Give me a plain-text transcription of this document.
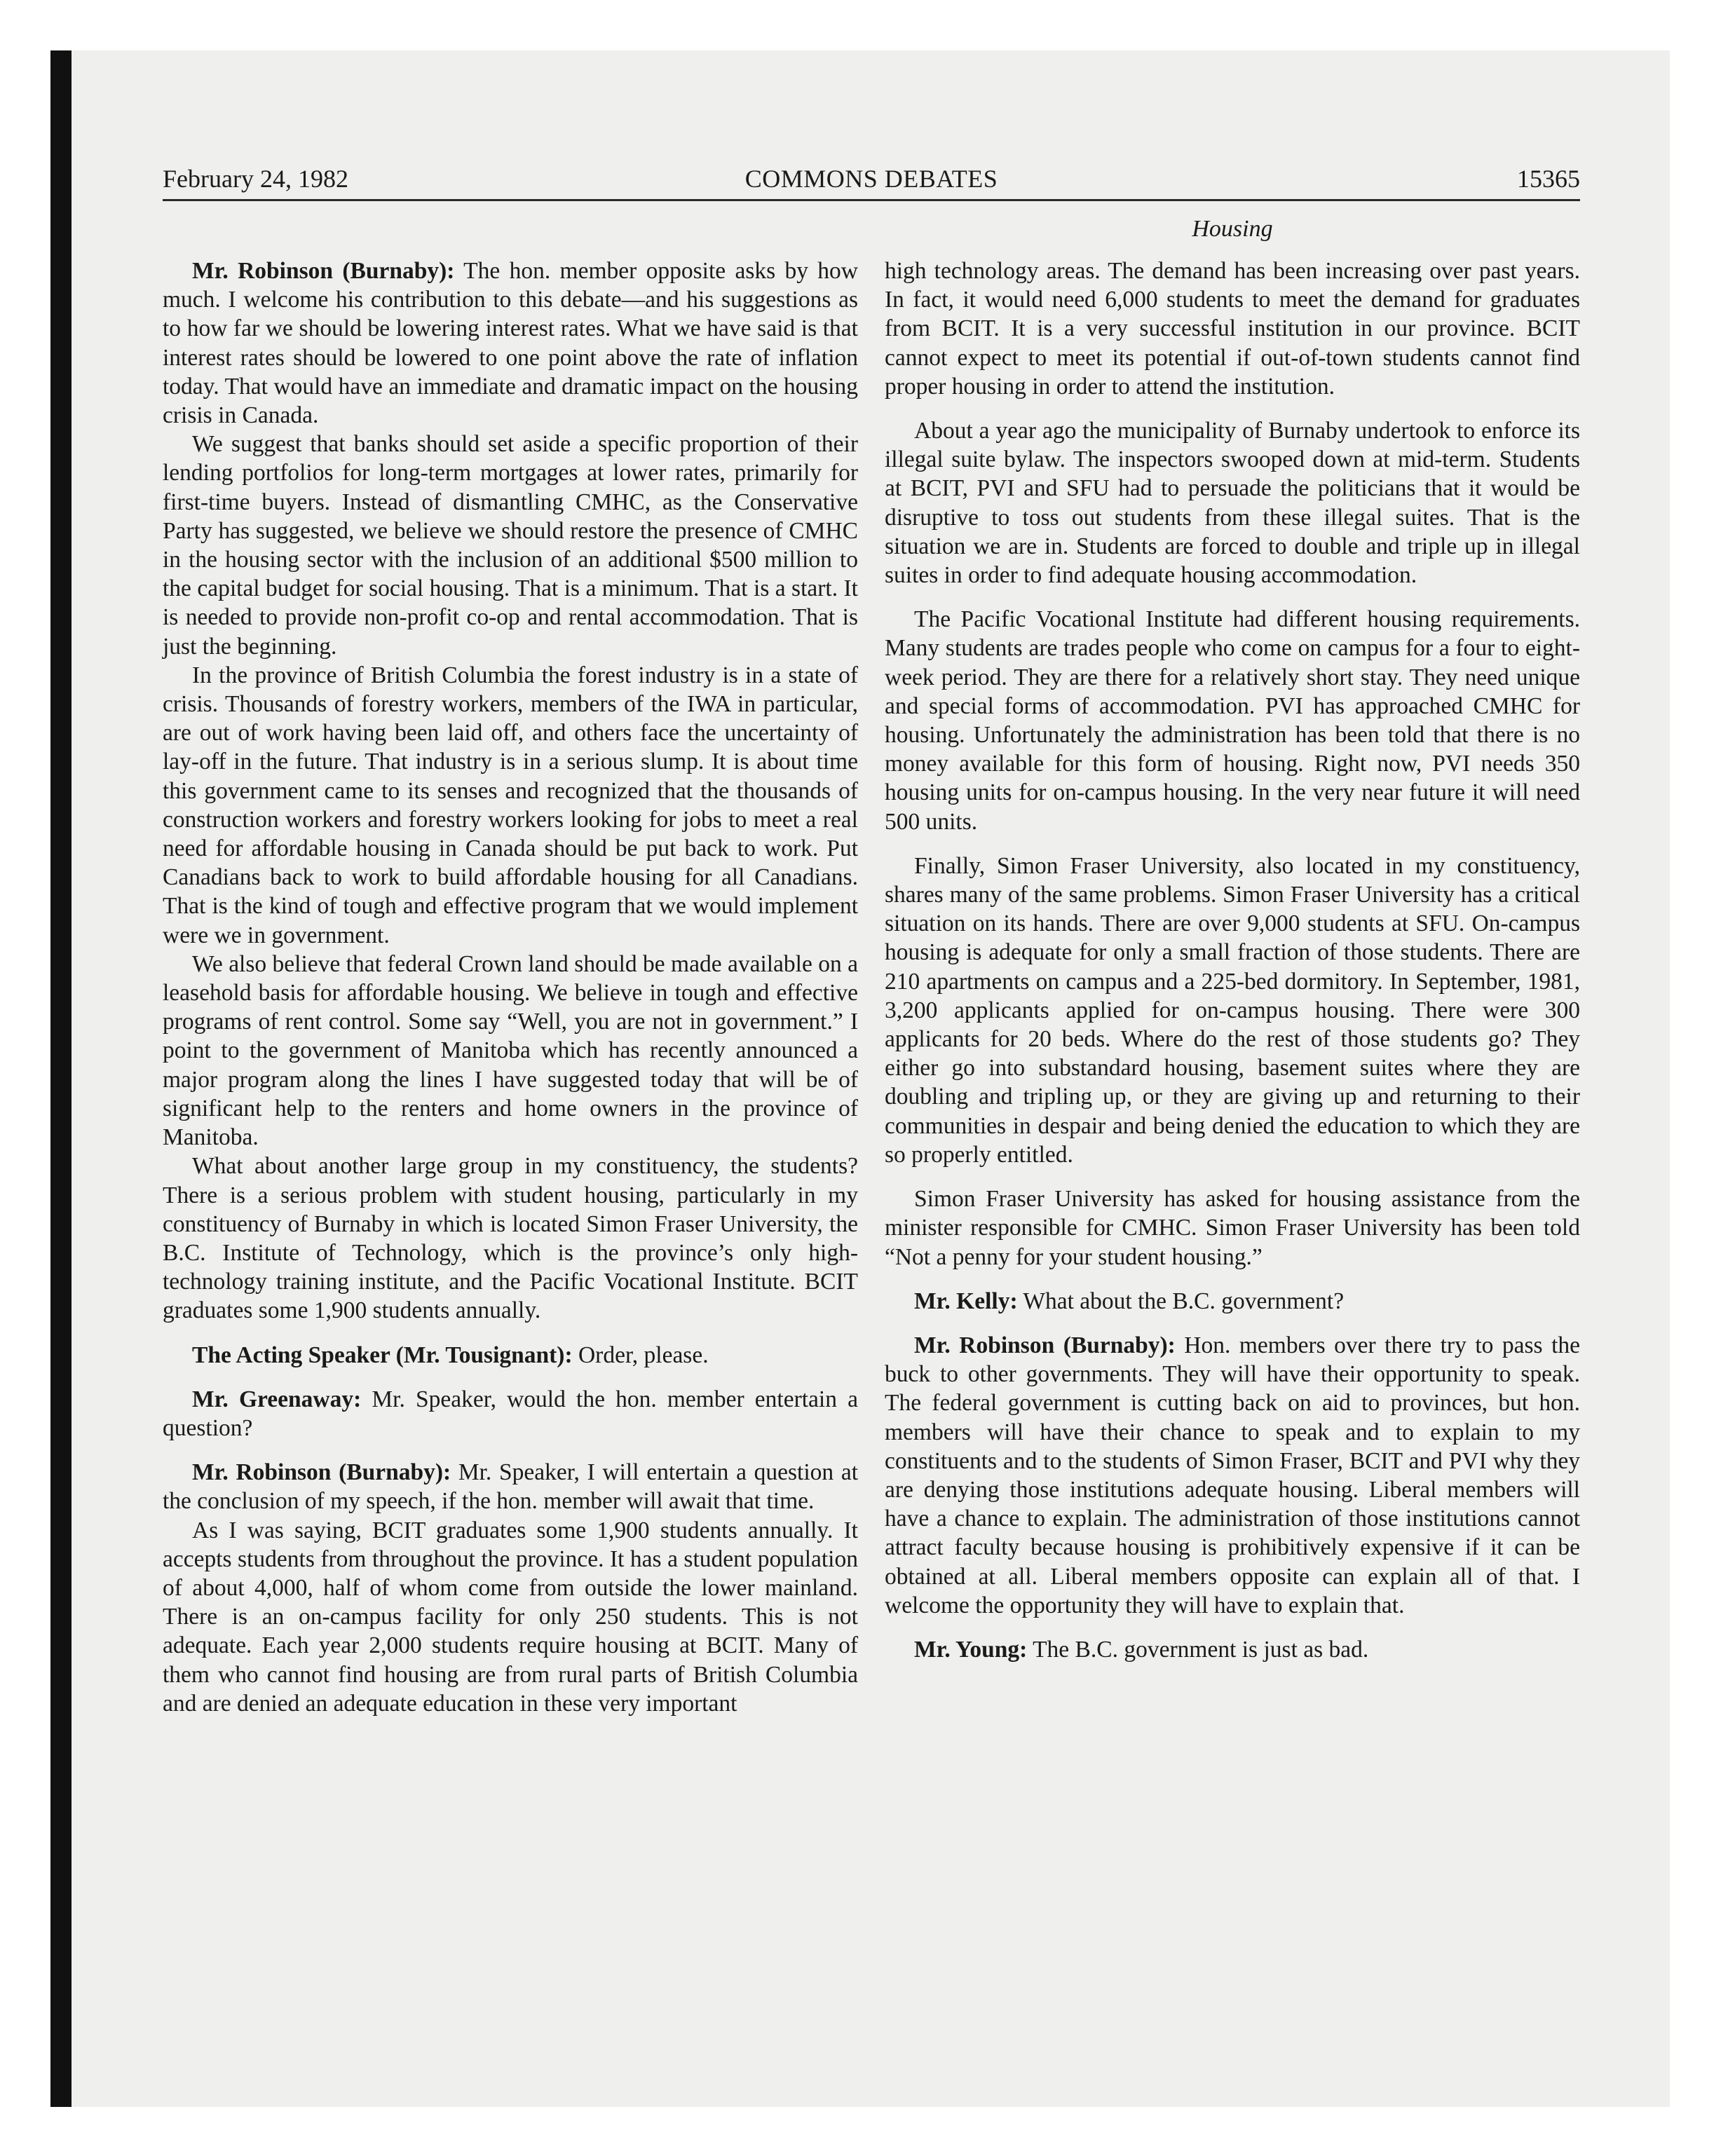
February 24, 1982	COMMONS DEBATES	15365
Housing

Mr. Robinson (Burnaby): The hon. member opposite asks by how much. I welcome his contribution to this debate—and his suggestions as to how far we should be lowering interest rates. What we have said is that interest rates should be lowered to one point above the rate of inflation today. That would have an immediate and dramatic impact on the housing crisis in Canada.

We suggest that banks should set aside a specific proportion of their lending portfolios for long-term mortgages at lower rates, primarily for first-time buyers. Instead of dismantling CMHC, as the Conservative Party has suggested, we believe we should restore the presence of CMHC in the housing sector with the inclusion of an additional $500 million to the capital budget for social housing. That is a minimum. That is a start. It is needed to provide non-profit co-op and rental accommodation. That is just the beginning.

In the province of British Columbia the forest industry is in a state of crisis. Thousands of forestry workers, members of the IWA in particular, are out of work having been laid off, and others face the uncertainty of lay-off in the future. That industry is in a serious slump. It is about time this government came to its senses and recognized that the thousands of construction workers and forestry workers looking for jobs to meet a real need for affordable housing in Canada should be put back to work. Put Canadians back to work to build affordable housing for all Canadians. That is the kind of tough and effective program that we would implement were we in government.

We also believe that federal Crown land should be made available on a leasehold basis for affordable housing. We believe in tough and effective programs of rent control. Some say “Well, you are not in government.” I point to the government of Manitoba which has recently announced a major program along the lines I have suggested today that will be of significant help to the renters and home owners in the province of Manitoba.

What about another large group in my constituency, the students? There is a serious problem with student housing, particularly in my constituency of Burnaby in which is located Simon Fraser University, the B.C. Institute of Technology, which is the province’s only high-technology training institute, and the Pacific Vocational Institute. BCIT graduates some 1,900 students annually.

The Acting Speaker (Mr. Tousignant): Order, please.

Mr. Greenaway: Mr. Speaker, would the hon. member entertain a question?

Mr. Robinson (Burnaby): Mr. Speaker, I will entertain a question at the conclusion of my speech, if the hon. member will await that time.

As I was saying, BCIT graduates some 1,900 students annually. It accepts students from throughout the province. It has a student population of about 4,000, half of whom come from outside the lower mainland. There is an on-campus facility for only 250 students. This is not adequate. Each year 2,000 students require housing at BCIT. Many of them who cannot find housing are from rural parts of British Columbia and are denied an adequate education in these very important

high technology areas. The demand has been increasing over past years. In fact, it would need 6,000 students to meet the demand for graduates from BCIT. It is a very successful institution in our province. BCIT cannot expect to meet its potential if out-of-town students cannot find proper housing in order to attend the institution.

About a year ago the municipality of Burnaby undertook to enforce its illegal suite bylaw. The inspectors swooped down at mid-term. Students at BCIT, PVI and SFU had to persuade the politicians that it would be disruptive to toss out students from these illegal suites. That is the situation we are in. Students are forced to double and triple up in illegal suites in order to find adequate housing accommodation.

The Pacific Vocational Institute had different housing requirements. Many students are trades people who come on campus for a four to eight-week period. They are there for a relatively short stay. They need unique and special forms of accommodation. PVI has approached CMHC for housing. Unfortunately the administration has been told that there is no money available for this form of housing. Right now, PVI needs 350 housing units for on-campus housing. In the very near future it will need 500 units.

Finally, Simon Fraser University, also located in my constituency, shares many of the same problems. Simon Fraser University has a critical situation on its hands. There are over 9,000 students at SFU. On-campus housing is adequate for only a small fraction of those students. There are 210 apartments on campus and a 225-bed dormitory. In September, 1981, 3,200 applicants applied for on-campus housing. There were 300 applicants for 20 beds. Where do the rest of those students go? They either go into substandard housing, basement suites where they are doubling and tripling up, or they are giving up and returning to their communities in despair and being denied the education to which they are so properly entitled.

Simon Fraser University has asked for housing assistance from the minister responsible for CMHC. Simon Fraser University has been told “Not a penny for your student housing.”

Mr. Kelly: What about the B.C. government?

Mr. Robinson (Burnaby): Hon. members over there try to pass the buck to other governments. They will have their opportunity to speak. The federal government is cutting back on aid to provinces, but hon. members will have their chance to speak and to explain to my constituents and to the students of Simon Fraser, BCIT and PVI why they are denying those institutions adequate housing. Liberal members will have a chance to explain. The administration of those institutions cannot attract faculty because housing is prohibitively expensive if it can be obtained at all. Liberal members opposite can explain all of that. I welcome the opportunity they will have to explain that.

Mr. Young: The B.C. government is just as bad.
